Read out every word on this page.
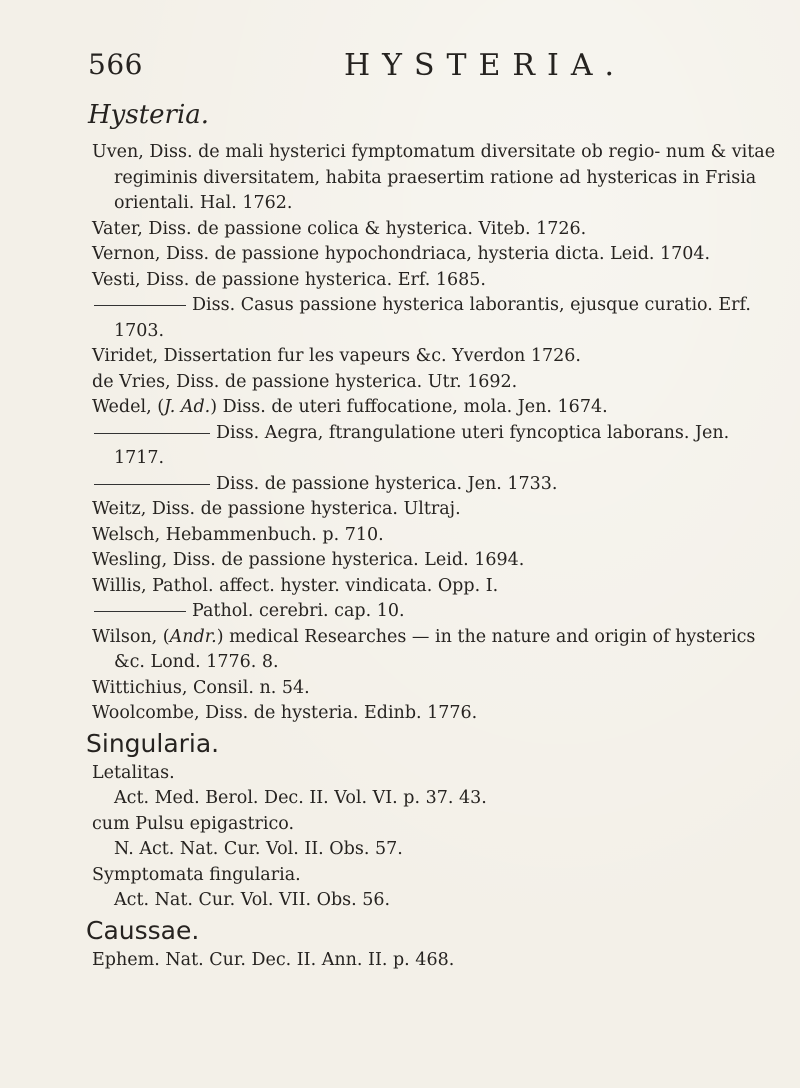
566	HYSTERIA.
Hysteria.
Uven, Diss. de mali hysterici fymptomatum diversitate ob regio- num & vitae regiminis diversitatem, habita praesertim ratione ad hystericas in Frisia orientali. Hal. 1762.
Vater, Diss. de passione colica & hysterica. Viteb. 1726.
Vernon, Diss. de passione hypochondriaca, hysteria dicta. Leid. 1704.
Vesti, Diss. de passione hysterica. Erf. 1685.
Diss. Casus passione hysterica laborantis, ejusque curatio. Erf. 1703.
Viridet, Dissertation fur les vapeurs &c. Yverdon 1726.
de Vries, Diss. de passione hysterica. Utr. 1692.
Wedel, (J. Ad.) Diss. de uteri fuffocatione, mola. Jen. 1674.
Diss. Aegra, ftrangulatione uteri fyncoptica laborans. Jen. 1717.
Diss. de passione hysterica. Jen. 1733.
Weitz, Diss. de passione hysterica. Ultraj.
Welsch, Hebammenbuch. p. 710.
Wesling, Diss. de passione hysterica. Leid. 1694.
Willis, Pathol. affect. hyster. vindicata. Opp. I.
Pathol. cerebri. cap. 10.
Wilson, (Andr.) medical Researches — in the nature and origin of hysterics &c. Lond. 1776. 8.
Wittichius, Consil. n. 54.
Woolcombe, Diss. de hysteria. Edinb. 1776.
Singularia.
Letalitas.
Act. Med. Berol. Dec. II. Vol. VI. p. 37. 43.
cum Pulsu epigastrico.
N. Act. Nat. Cur. Vol. II. Obs. 57.
Symptomata fingularia.
Act. Nat. Cur. Vol. VII. Obs. 56.
Caussae.
Ephem. Nat. Cur. Dec. II. Ann. II. p. 468.
